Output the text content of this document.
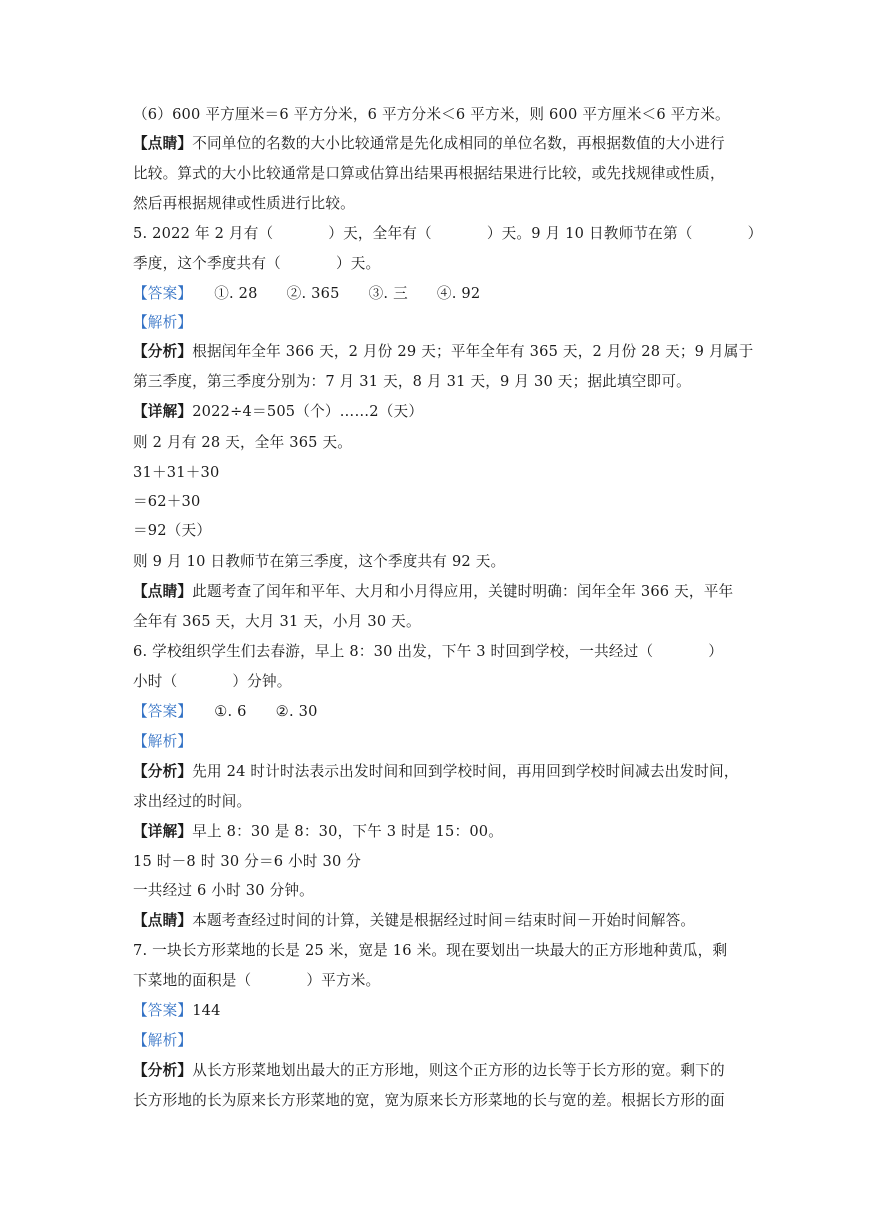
（6）600 平方厘米＝6 平方分米，6 平方分米＜6 平方米，则 600 平方厘米＜6 平方米。
【点睛】不同单位的名数的大小比较通常是先化成相同的单位名数，再根据数值的大小进行
比较。算式的大小比较通常是口算或估算出结果再根据结果进行比较，或先找规律或性质，
然后再根据规律或性质进行比较。
5. 2022 年 2 月有（	）天，全年有（	）天。9 月 10 日教师节在第（	）
季度，这个季度共有（	）天。
【答案】 ①. 28      ②. 365      ③. 三      ④. 92
【解析】
【分析】根据闰年全年 366 天，2 月份 29 天；平年全年有 365 天，2 月份 28 天；9 月属于
第三季度，第三季度分别为：7 月 31 天，8 月 31 天，9 月 30 天；据此填空即可。
【详解】2022÷4＝505（个）……2（天）
则 2 月有 28 天，全年 365 天。
31＋31＋30
＝62＋30
＝92（天）
则 9 月 10 日教师节在第三季度，这个季度共有 92 天。
【点睛】此题考查了闰年和平年、大月和小月得应用，关键时明确：闰年全年 366 天，平年
全年有 365 天，大月 31 天，小月 30 天。
6. 学校组织学生们去春游，早上 8：30 出发，下午 3 时回到学校，一共经过（	）
小时（	）分钟。
【答案】 ①. 6      ②. 30
【解析】
【分析】先用 24 时计时法表示出发时间和回到学校时间，再用回到学校时间减去出发时间，
求出经过的时间。
【详解】早上 8：30 是 8：30，下午 3 时是 15：00。
15 时－8 时 30 分＝6 小时 30 分
一共经过 6 小时 30 分钟。
【点睛】本题考查经过时间的计算，关键是根据经过时间＝结束时间－开始时间解答。
7. 一块长方形菜地的长是 25 米，宽是 16 米。现在要划出一块最大的正方形地种黄瓜，剩
下菜地的面积是（	）平方米。
【答案】144
【解析】
【分析】从长方形菜地划出最大的正方形地，则这个正方形的边长等于长方形的宽。剩下的
长方形地的长为原来长方形菜地的宽，宽为原来长方形菜地的长与宽的差。根据长方形的面
